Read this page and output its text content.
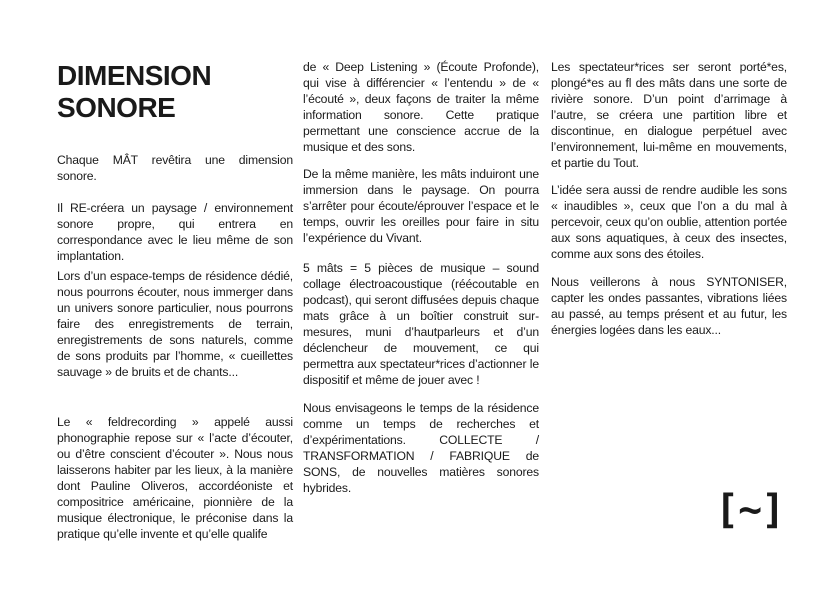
DIMENSION
SONORE

Chaque MÂT revêtira une dimension sonore.

Il RE-créera un paysage / environnement sonore propre, qui entrera en correspondance avec le lieu même de son implantation.

Lors d’un espace-temps de résidence dédié, nous pourrons écouter, nous immerger dans un univers sonore particulier, nous pourrons faire des enregistrements de terrain, enregistrements de sons naturels, comme de sons produits par l’homme, « cueillettes sauvage » de bruits et de chants...

Le « feldrecording » appelé aussi phonographie repose sur « l’acte d’écouter, ou d’être conscient d’écouter ». Nous nous laisserons habiter par les lieux, à la manière dont Pauline Oliveros, accordéoniste et compositrice américaine, pionnière de la musique électronique, le préconise dans la pratique qu’elle invente et qu’elle qualife

de « Deep Listening » (Écoute Profonde), qui vise à différencier « l’entendu » de « l’écouté », deux façons de traiter la même information sonore. Cette pratique permettant une conscience accrue de la musique et des sons.

De la même manière, les mâts induiront une immersion dans le paysage. On pourra s’arrêter pour écoute/éprouver l’espace et le temps, ouvrir les oreilles pour faire in situ l’expérience du Vivant.

5 mâts = 5 pièces de musique – sound collage électroacoustique (réécoutable en podcast), qui seront diffusées depuis chaque mats grâce à un boîtier construit sur- mesures, muni d’hautparleurs et d’un déclencheur de mouvement, ce qui permettra aux spectateur*rices d’actionner le dispositif et même de jouer avec !

Nous envisageons le temps de la résidence comme un temps de recherches et d’expérimentations. COLLECTE / TRANSFORMATION / FABRIQUE de SONS, de nouvelles matières sonores hybrides.

Les spectateur*rices ser seront porté*es, plongé*es au fl des mâts dans une sorte de rivière sonore. D’un point d’arrimage à l’autre, se créera une partition libre et discontinue, en dialogue perpétuel avec l’environnement, lui-même en mouvements, et partie du Tout.

L’idée sera aussi de rendre audible les sons « inaudibles », ceux que l’on a du mal à percevoir, ceux qu’on oublie, attention portée aux sons aquatiques, à ceux des insectes, comme aux sons des étoiles.

Nous veillerons à nous SYNTONISER, capter les ondes passantes, vibrations liées au passé, au temps présent et au futur, les énergies logées dans les eaux...

[~]
